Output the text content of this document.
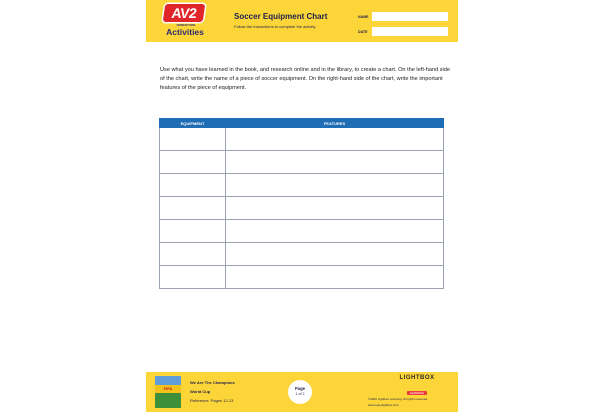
AV2
NONFICTION
Activities
Soccer Equipment Chart
Follow the instructions to complete the activity.
NAME
DATE

Use what you have learned in the book, and research online and in the library, to create a chart. On the left-hand side of the chart, write the name of a piece of soccer equipment. On the right-hand side of the chart, write the important features of the piece of equipment.

EQUIPMENT	FEATURES

FIFA
We Are The Champions
World Cup
Reference: Pages 12-13
Page
1 of 2
LIGHTBOX
LEARNING
©2020 Lightbox Learning. All rights reserved.
www.openlightbox.com
